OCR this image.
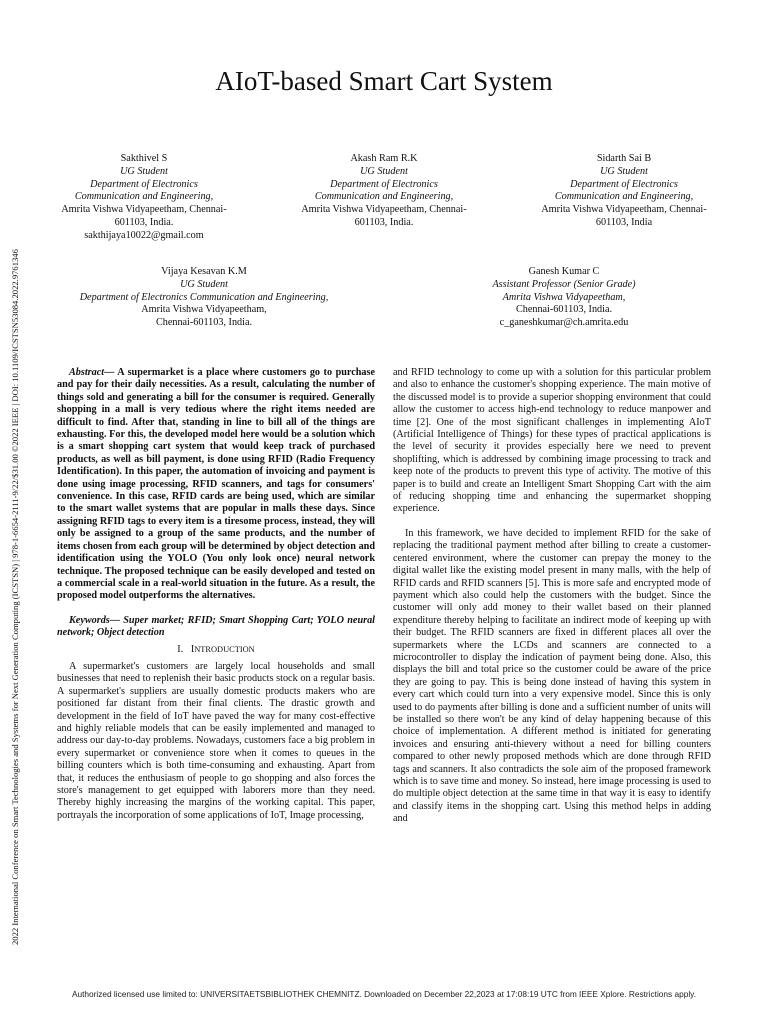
2022 International Conference on Smart Technologies and Systems for Next Generation Computing (ICSTSN) | 978-1-6654-2111-9/22/$31.00 ©2022 IEEE | DOI: 10.1109/ICSTSN53084.2022.9761346
AIoT-based Smart Cart System
Sakthivel S
UG Student
Department of Electronics
Communication and Engineering,
Amrita Vishwa Vidyapeetham, Chennai-
601103, India.
sakthijaya10022@gmail.com
Akash Ram R.K
UG Student
Department of Electronics
Communication and Engineering,
Amrita Vishwa Vidyapeetham, Chennai-
601103, India.
Sidarth Sai B
UG Student
Department of Electronics
Communication and Engineering,
Amrita Vishwa Vidyapeetham, Chennai-
601103, India
Vijaya Kesavan K.M
UG Student
Department of Electronics Communication and Engineering,
Amrita Vishwa Vidyapeetham,
Chennai-601103, India.
Ganesh Kumar C
Assistant Professor (Senior Grade)
Amrita Vishwa Vidyapeetham,
Chennai-601103, India.
c_ganeshkumar@ch.amrita.edu

Abstract— A supermarket is a place where customers go to purchase and pay for their daily necessities. As a result, calculating the number of things sold and generating a bill for the consumer is required. Generally shopping in a mall is very tedious where the right items needed are difficult to find. After that, standing in line to bill all of the things are exhausting. For this, the developed model here would be a solution which is a smart shopping cart system that would keep track of purchased products, as well as bill payment, is done using RFID (Radio Frequency Identification). In this paper, the automation of invoicing and payment is done using image processing, RFID scanners, and tags for consumers' convenience. In this case, RFID cards are being used, which are similar to the smart wallet systems that are popular in malls these days. Since assigning RFID tags to every item is a tiresome process, instead, they will only be assigned to a group of the same products, and the number of items chosen from each group will be determined by object detection and identification using the YOLO (You only look once) neural network technique. The proposed technique can be easily developed and tested on a commercial scale in a real-world situation in the future. As a result, the proposed model outperforms the alternatives.

Keywords— Super market; RFID; Smart Shopping Cart; YOLO neural network; Object detection

I. INTRODUCTION

A supermarket's customers are largely local households and small businesses that need to replenish their basic products stock on a regular basis. A supermarket's suppliers are usually domestic products makers who are positioned far distant from their final clients. The drastic growth and development in the field of IoT have paved the way for many cost-effective and highly reliable models that can be easily implemented and managed to address our day-to-day problems. Nowadays, customers face a big problem in every supermarket or convenience store when it comes to queues in the billing counters which is both time-consuming and exhausting. Apart from that, it reduces the enthusiasm of people to go shopping and also forces the store's management to get equipped with laborers more than they need. Thereby highly increasing the margins of the working capital. This paper, portrayals the incorporation of some applications of IoT, Image processing,

and RFID technology to come up with a solution for this particular problem and also to enhance the customer's shopping experience. The main motive of the discussed model is to provide a superior shopping environment that could allow the customer to access high-end technology to reduce manpower and time [2]. One of the most significant challenges in implementing AIoT (Artificial Intelligence of Things) for these types of practical applications is the level of security it provides especially here we need to prevent shoplifting, which is addressed by combining image processing to track and keep note of the products to prevent this type of activity. The motive of this paper is to build and create an Intelligent Smart Shopping Cart with the aim of reducing shopping time and enhancing the supermarket shopping experience.

In this framework, we have decided to implement RFID for the sake of replacing the traditional payment method after billing to create a customer-centered environment, where the customer can prepay the money to the digital wallet like the existing model present in many malls, with the help of RFID cards and RFID scanners [5]. This is more safe and encrypted mode of payment which also could help the customers with the budget. Since the customer will only add money to their wallet based on their planned expenditure thereby helping to facilitate an indirect mode of keeping up with their budget. The RFID scanners are fixed in different places all over the supermarkets where the LCDs and scanners are connected to a microcontroller to display the indication of payment being done. Also, this displays the bill and total price so the customer could be aware of the price they are going to pay. This is being done instead of having this system in every cart which could turn into a very expensive model. Since this is only used to do payments after billing is done and a sufficient number of units will be installed so there won't be any kind of delay happening because of this choice of implementation. A different method is initiated for generating invoices and ensuring anti-thievery without a need for billing counters compared to other newly proposed methods which are done through RFID tags and scanners. It also contradicts the sole aim of the proposed framework which is to save time and money. So instead, here image processing is used to do multiple object detection at the same time in that way it is easy to identify and classify items in the shopping cart. Using this method helps in adding and

Authorized licensed use limited to: UNIVERSITAETSBIBLIOTHEK CHEMNITZ. Downloaded on December 22,2023 at 17:08:19 UTC from IEEE Xplore. Restrictions apply.
